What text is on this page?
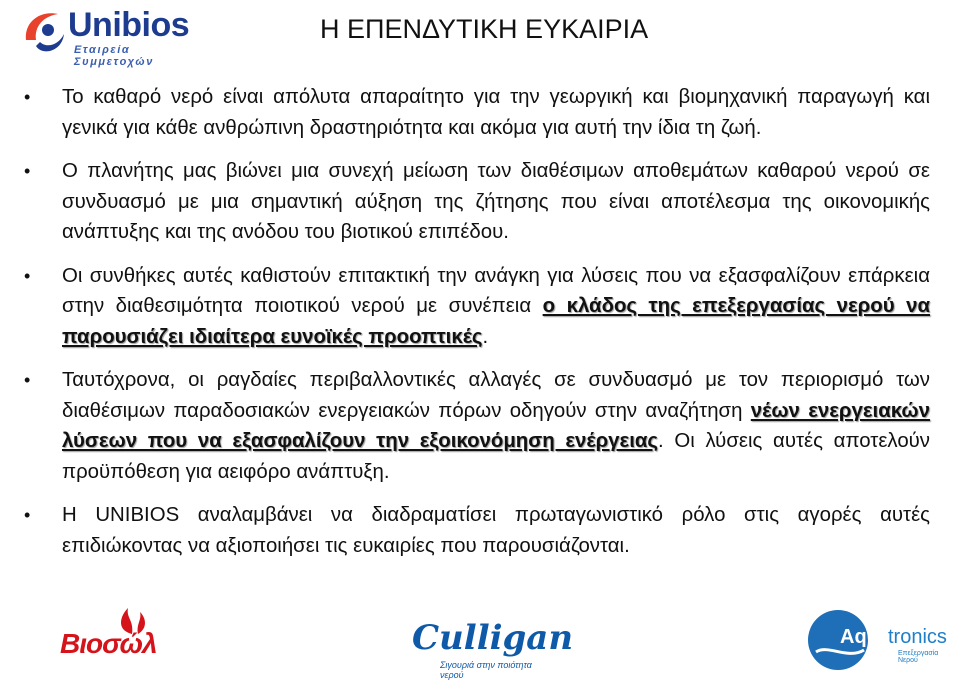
Unibios
Εταιρεία Συμμετοχών
Η ΕΠΕΝΔΥΤΙΚΗ ΕΥΚΑΙΡΙΑ
• Το καθαρό νερό είναι απόλυτα απαραίτητο για την γεωργική και βιομηχανική παραγωγή και γενικά για κάθε ανθρώπινη δραστηριότητα και ακόμα για αυτή την ίδια τη ζωή.
• Ο πλανήτης μας βιώνει μια συνεχή μείωση των διαθέσιμων αποθεμάτων καθαρού νερού σε συνδυασμό με μια σημαντική αύξηση της ζήτησης που είναι αποτέλεσμα της οικονομικής ανάπτυξης και της ανόδου του βιοτικού επιπέδου.
• Οι συνθήκες αυτές καθιστούν επιτακτική την ανάγκη για λύσεις που να εξασφαλίζουν επάρκεια στην διαθεσιμότητα ποιοτικού νερού με συνέπεια ο κλάδος της επεξεργασίας νερού να παρουσιάζει ιδιαίτερα ευνοϊκές προοπτικές.
• Ταυτόχρονα, οι ραγδαίες περιβαλλοντικές αλλαγές σε συνδυασμό με τον περιορισμό των διαθέσιμων παραδοσιακών ενεργειακών πόρων οδηγούν στην αναζήτηση νέων ενεργειακών λύσεων που να εξασφαλίζουν την εξοικονόμηση ενέργειας. Οι λύσεις αυτές αποτελούν προϋπόθεση για αειφόρο ανάπτυξη.
• Η UNIBIOS αναλαμβάνει να διαδραματίσει πρωταγωνιστικό ρόλο στις αγορές αυτές επιδιώκοντας να αξιοποιήσει τις ευκαιρίες που παρουσιάζονται.
Βιοσώλ	Culligan
Σιγουριά στην ποιότητα νερού
Aqua
tronics
Επεξεργασία Νερού
